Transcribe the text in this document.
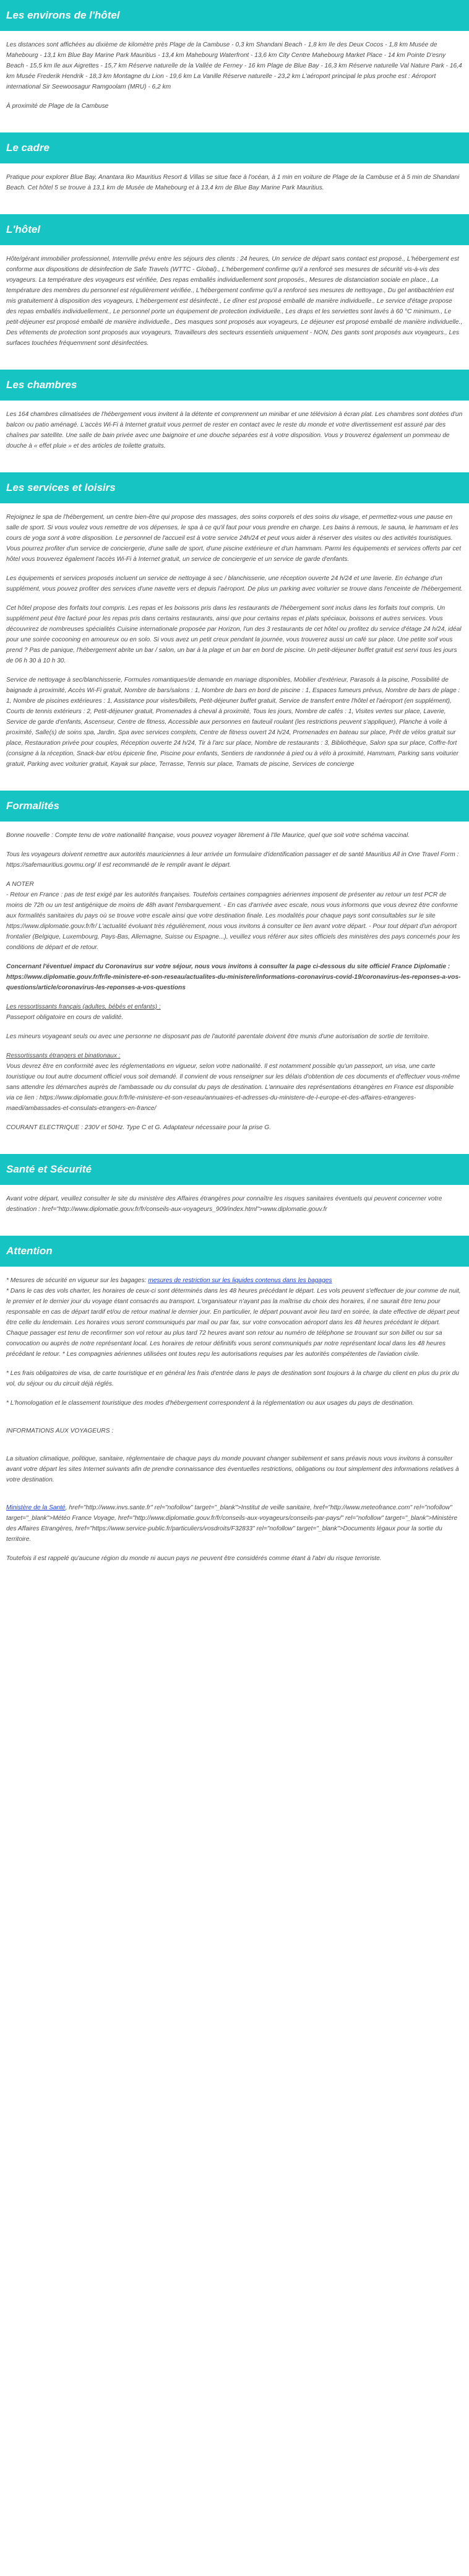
Les environs de l'hôtel

Les distances sont affichées au dixième de kilomètre près Plage de la Cambuse - 0,3 km Shandani Beach - 1,8 km Ile des Deux Cocos - 1,8 km Musée de Mahebourg - 13,1 km Blue Bay Marine Park Mauritius - 13,4 km Mahebourg Waterfront - 13,6 km City Centre Mahebourg Market Place - 14 km Pointe D'esny Beach - 15,5 km Ile aux Aigrettes - 15,7 km Réserve naturelle de la Vallée de Ferney - 16 km Plage de Blue Bay - 16,3 km Réserve naturelle Val Nature Park - 16,4 km Musée Frederik Hendrik - 18,3 km Montagne du Lion - 19,6 km La Vanille Réserve naturelle - 23,2 km L'aéroport principal le plus proche est : Aéroport international Sir Seewoosagur Ramgoolam (MRU) - 6,2 km

À proximité de Plage de la Cambuse

Le cadre

Pratique pour explorer Blue Bay, Anantara Iko Mauritius Resort & Villas se situe face à l'océan, à 1 min en voiture de Plage de la Cambuse et à 5 min de Shandani Beach. Cet hôtel 5 se trouve à 13,1 km de Musée de Mahebourg et à 13,4 km de Blue Bay Marine Park Mauritius.

L'hôtel

Hôte/gérant immobilier professionnel, Interrville prévu entre les séjours des clients : 24 heures, Un service de départ sans contact est proposé., L'hébergement est conforme aux dispositions de désinfection de Safe Travels (WTTC - Global)., L'hébergement confirme qu'il a renforcé ses mesures de sécurité vis-à-vis des voyageurs. La température des voyageurs est vérifiée, Des repas emballés individuellement sont proposés., Mesures de distanciation sociale en place., La température des membres du personnel est régulièrement vérifiée., L'hébergement confirme qu'il a renforcé ses mesures de nettoyage., Du gel antibactérien est mis gratuitement à disposition des voyageurs, L'hébergement est désinfecté., Le dîner est proposé emballé de manière individuelle., Le service d'étage propose des repas emballés individuellement., Le personnel porte un équipement de protection individuelle., Les draps et les serviettes sont lavés à 60 °C minimum., Le petit-déjeuner est proposé emballé de manière individuelle., Des masques sont proposés aux voyageurs, Le déjeuner est proposé emballé de manière individuelle., Des vêtements de protection sont proposés aux voyageurs, Travailleurs des secteurs essentiels uniquement - NON, Des gants sont proposés aux voyageurs., Les surfaces touchées fréquemment sont désinfectées.

Les chambres

Les 164 chambres climatisées de l'hébergement vous invitent à la détente et comprennent un minibar et une télévision à écran plat. Les chambres sont dotées d'un balcon ou patio aménagé. L'accès Wi-Fi à Internet gratuit vous permet de rester en contact avec le reste du monde et votre divertissement est assuré par des chaînes par satellite. Une salle de bain privée avec une baignoire et une douche séparées est à votre disposition. Vous y trouverez également un pommeau de douche à « effet pluie » et des articles de toilette gratuits.

Les services et loisirs

Rejoignez le spa de l'hébergement, un centre bien-être qui propose des massages, des soins corporels et des soins du visage, et permettez-vous une pause en salle de sport. Si vous voulez vous remettre de vos dépenses, le spa à ce qu'il faut pour vous prendre en charge. Les bains à remous, le sauna, le hammam et les cours de yoga sont à votre disposition. Le personnel de l'accueil est à votre service 24h/24 et peut vous aider à réserver des visites ou des activités touristiques. Vous pourrez profiter d'un service de conciergerie, d'une salle de sport, d'une piscine extérieure et d'un hammam. Parmi les équipements et services offerts par cet hôtel vous trouverez également l'accès Wi-Fi à Internet gratuit, un service de conciergerie et un service de garde d'enfants.

Les équipements et services proposés incluent un service de nettoyage à sec / blanchisserie, une réception ouverte 24 h/24 et une laverie. En échange d'un supplément, vous pouvez profiter des services d'une navette vers et depuis l'aéroport. De plus un parking avec voiturier se trouve dans l'enceinte de l'hébergement.

Cet hôtel propose des forfaits tout compris. Les repas et les boissons pris dans les restaurants de l'hébergement sont inclus dans les forfaits tout compris. Un supplément peut être facturé pour les repas pris dans certains restaurants, ainsi que pour certains repas et plats spéciaux, boissons et autres services. Vous découvrirez de nombreuses spécialités Cuisine internationale proposée par Horizon, l'un des 3 restaurants de cet hôtel ou profitez du service d'étage 24 h/24, idéal pour une soirée cocooning en amoureux ou en solo. Si vous avez un petit creux pendant la journée, vous trouverez aussi un café sur place. Une petite soif vous prend ? Pas de panique, l'hébergement abrite un bar / salon, un bar à la plage et un bar en bord de piscine. Un petit-déjeuner buffet gratuit est servi tous les jours de 06 h 30 à 10 h 30.

Service de nettoyage à sec/blanchisserie, Formules romantiques/de demande en mariage disponibles, Mobilier d'extérieur, Parasols à la piscine, Possibilité de baignade à proximité, Accès Wi-Fi gratuit, Nombre de bars/salons : 1, Nombre de bars en bord de piscine : 1, Espaces fumeurs prévus, Nombre de bars de plage : 1, Nombre de piscines extérieures : 1, Assistance pour visites/billets, Petit-déjeuner buffet gratuit, Service de transfert entre l'hôtel et l'aéroport (en supplément), Courts de tennis extérieurs : 2, Petit-déjeuner gratuit, Promenades à cheval à proximité, Tous les jours, Nombre de cafés : 1, Visites vertes sur place, Laverie, Service de garde d'enfants, Ascenseur, Centre de fitness, Accessible aux personnes en fauteuil roulant (les restrictions peuvent s'appliquer), Planche à voile à proximité, Salle(s) de soins spa, Jardin, Spa avec services complets, Centre de fitness ouvert 24 h/24, Promenades en bateau sur place, Prêt de vélos gratuit sur place, Restauration privée pour couples, Réception ouverte 24 h/24, Tir à l'arc sur place, Nombre de restaurants : 3, Bibliothèque, Salon spa sur place, Coffre-fort (consigne à la réception, Snack-bar et/ou épicerie fine, Piscine pour enfants, Sentiers de randonnée à pied ou à vélo à proximité, Hammam, Parking sans voiturier gratuit, Parking avec voiturier gratuit, Kayak sur place, Terrasse, Tennis sur place, Tramats de piscine, Services de concierge

Formalités

Bonne nouvelle : Compte tenu de votre nationalité française, vous pouvez voyager librement à l'Ile Maurice, quel que soit votre schéma vaccinal.

Tous les voyageurs doivent remettre aux autorités mauriciennes à leur arrivée un formulaire d'identification passager et de santé Mauritius All in One Travel Form : https://safemauritius.govmu.org/ Il est recommandé de le remplir avant le départ.

A NOTER
- Retour en France : pas de test exigé par les autorités françaises. Toutefois certaines compagnies aériennes imposent de présenter au retour un test PCR de moins de 72h ou un test antigénique de moins de 48h avant l'embarquement. - En cas d'arrivée avec escale, nous vous informons que vous devrez être conforme aux formalités sanitaires du pays où se trouve votre escale ainsi que votre destination finale. Les modalités pour chaque pays sont consultables sur le site https://www.diplomatie.gouv.fr/fr/ L'actualité évoluant très régulièrement, nous vous invitons à consulter ce lien avant votre départ. - Pour tout départ d'un aéroport frontalier (Belgique, Luxembourg, Pays-Bas, Allemagne, Suisse ou Espagne...), veuillez vous référer aux sites officiels des ministères des pays concernés pour les conditions de départ et de retour.

Concernant l'éventuel impact du Coronavirus sur votre séjour, nous vous invitons à consulter la page ci-dessous du site officiel France Diplomatie : https://www.diplomatie.gouv.fr/fr/le-ministere-et-son-reseau/actualites-du-ministere/informations-coronavirus-covid-19/coronavirus-les-reponses-a-vos-questions/article/coronavirus-les-reponses-a-vos-questions

Les ressortissants français (adultes, bébés et enfants) :
Passeport obligatoire en cours de validité.

Les mineurs voyageant seuls ou avec une personne ne disposant pas de l'autorité parentale doivent être munis d'une autorisation de sortie de territoire.

Ressortissants étrangers et binationaux :
Vous devrez être en conformité avec les réglementations en vigueur, selon votre nationalité. Il est notamment possible qu'un passeport, un visa, une carte touristique ou tout autre document officiel vous soit demandé. Il convient de vous renseigner sur les délais d'obtention de ces documents et d'effectuer vous-même sans attendre les démarches auprès de l'ambassade ou du consulat du pays de destination. L'annuaire des représentations étrangères en France est disponible via ce lien : https://www.diplomatie.gouv.fr/fr/le-ministere-et-son-reseau/annuaires-et-adresses-du-ministere-de-l-europe-et-des-affaires-etrangeres-maedi/ambassades-et-consulats-etrangers-en-france/

COURANT ELECTRIQUE : 230V et 50Hz. Type C et G. Adaptateur nécessaire pour la prise G.

Santé et Sécurité

Avant votre départ, veuillez consulter le site du ministère des Affaires étrangères pour connaître les risques sanitaires éventuels qui peuvent concerner votre destination : href="http://www.diplomatie.gouv.fr/fr/conseils-aux-voyageurs_909/index.html">www.diplomatie.gouv.fr

Attention

* Mesures de sécurité en vigueur sur les bagages: mesures de restriction sur les liquides contenus dans les bagages
* Dans le cas des vols charter, les horaires de ceux-ci sont déterminés dans les 48 heures précédant le départ. Les vols peuvent s'effectuer de jour comme de nuit, le premier et le dernier jour du voyage étant consacrés au transport. L'organisateur n'ayant pas la maîtrise du choix des horaires, il ne saurait être tenu pour responsable en cas de départ tardif et/ou de retour matinal le dernier jour. En particulier, le départ pouvant avoir lieu tard en soirée, la date effective de départ peut être celle du lendemain. Les horaires vous seront communiqués par mail ou par fax, sur votre convocation aéroport dans les 48 heures précédant le départ. Chaque passager est tenu de reconfirmer son vol retour au plus tard 72 heures avant son retour au numéro de téléphone se trouvant sur son billet ou sur sa convocation ou auprès de notre représentant local. Les horaires de retour définitifs vous seront communiqués par notre représentant local dans les 48 heures précédant le retour. * Les compagnies aériennes utilisées ont toutes reçu les autorisations requises par les autorités compétentes de l'aviation civile.

* Les frais obligatoires de visa, de carte touristique et en général les frais d'entrée dans le pays de destination sont toujours à la charge du client en plus du prix du vol, du séjour ou du circuit déjà réglés.

* L'homologation et le classement touristique des modes d'hébergement correspondent à la réglementation ou aux usages du pays de destination.

INFORMATIONS AUX VOYAGEURS :

La situation climatique, politique, sanitaire, réglementaire de chaque pays du monde pouvant changer subitement et sans préavis nous vous invitons à consulter avant votre départ les sites Internet suivants afin de prendre connaissance des éventuelles restrictions, obligations ou tout simplement des informations relatives à votre destination.

Ministère de la Santé, href="http://www.invs.sante.fr" rel="nofollow" target="_blank">Institut de veille sanitaire, href="http://www.meteofrance.com" rel="nofollow" target="_blank">Météo France Voyage, href="http://www.diplomatie.gouv.fr/fr/conseils-aux-voyageurs/conseils-par-pays/" rel="nofollow" target="_blank">Ministère des Affaires Etrangères, href="https://www.service-public.fr/particuliers/vosdroits/F32833" rel="nofollow" target="_blank">Documents légaux pour la sortie du territoire.

Toutefois il est rappelé qu'aucune région du monde ni aucun pays ne peuvent être considérés comme étant à l'abri du risque terroriste.
